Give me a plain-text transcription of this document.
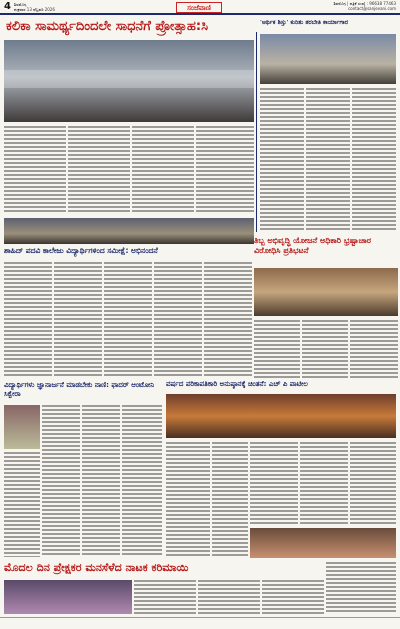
4 ಶಿವಮೊಗ್ಗ
ಶುಕ್ರವಾರ 13 ಫೆಬ್ರವರಿ 2026	ಸಂಜೆವಾಣಿ	ಶಿವಮೊಗ್ಗ | ಪತ್ರಿಕೆ ಸಂಖ್ಯೆ : 96638 77463
contact@sanjevani.com
ಕಲಿಕಾ ಸಾಮರ್ಥ್ಯದಿಂದಲೇ ಸಾಧನೆಗೆ ಪ್ರೋತ್ಸಾಹ:ಸಿ	'ಆರ್ಥಿಕ ಶಿಸ್ತು' ಕುರಿತು ತರಬೇತಿ ಕಾರ್ಯಾಗಾರ
ಶಾಹಿದ್ ಪದವಿ ಕಾಲೇಜು ವಿದ್ಯಾರ್ಥಿಗಳಿಂದ ಸಮೀಕ್ಷೆ: ಅಭಿನಂದನೆ
ತಿಬ್ಬ ಅಭಿವೃದ್ಧಿ ಯೋಜನೆ ಅಧಿಕಾರಿ ಭ್ರಷ್ಟಾಚಾರ ವಿರೋಧಿಸಿ ಪ್ರತಿಭಟನೆ
ವಿದ್ಯಾರ್ಥಿಗಳು ಜ್ಞಾನಾರ್ಜನೆ ಮಾಡಬೇಕು ನಾಣಿ: ಫಾದರ್ ಆಂಟೋನಿ ಸಿಕ್ವೇರಾ
ವರ್ಷದ ಪರಿಕಾಪತಿಕಾರಿ ಅನುಷ್ಠಾನಕ್ಕೆ ಚಿಂತನೆ: ಎಚ್ ಪಿ ಪಾಟೀಲ
ಮೊದಲ ದಿನ ಪ್ರೇಕ್ಷಕರ ಮನಸೆಳೆದ ನಾಟಕ ಕರಿಮಾಯಿ
